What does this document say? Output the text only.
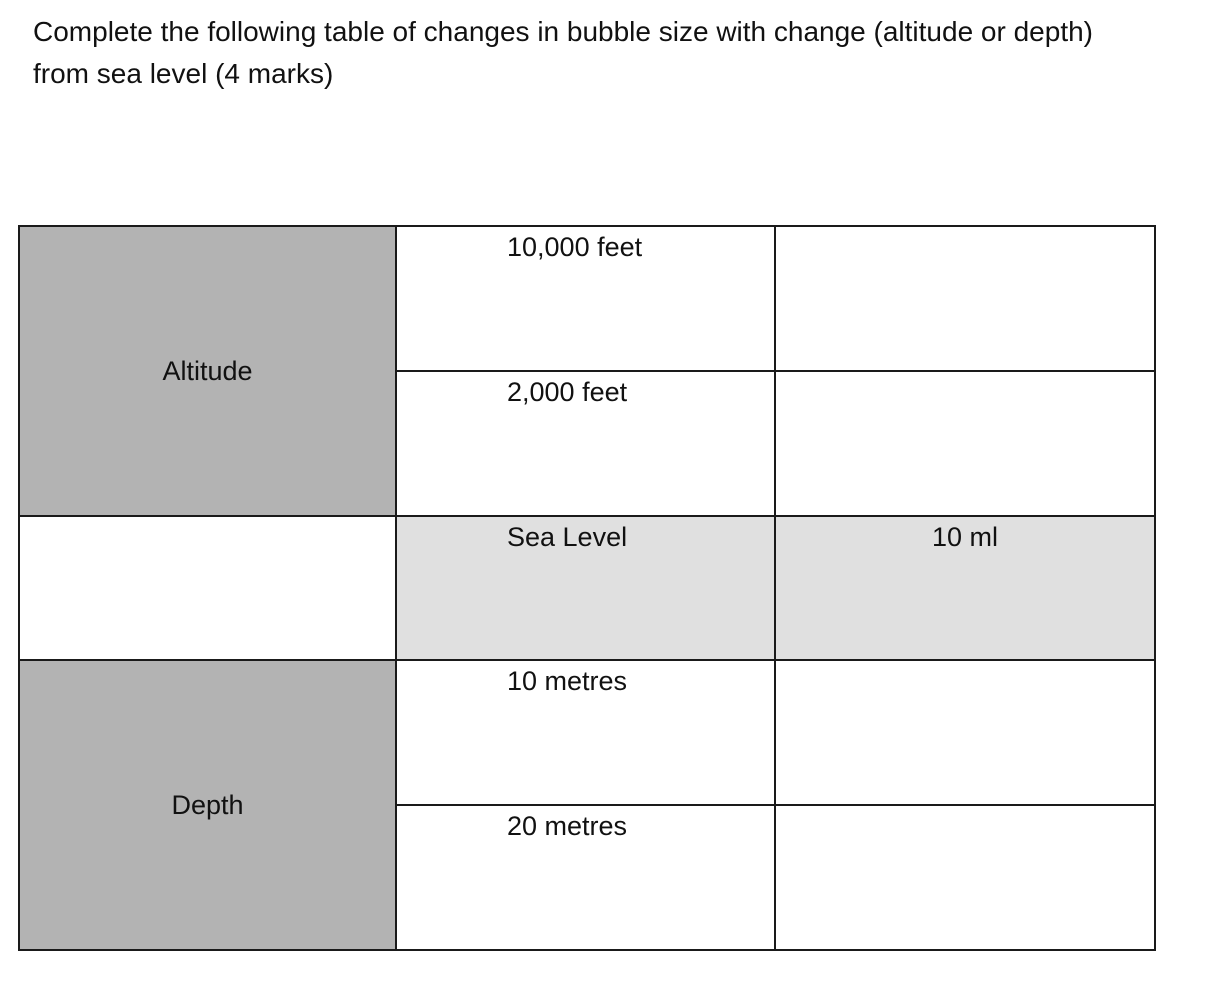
Complete the following table of changes in bubble size with change (altitude or depth) from sea level (4 marks)

Altitude	10,000 feet	
	2,000 feet	
	Sea Level	10 ml
Depth	10 metres	
	20 metres	
